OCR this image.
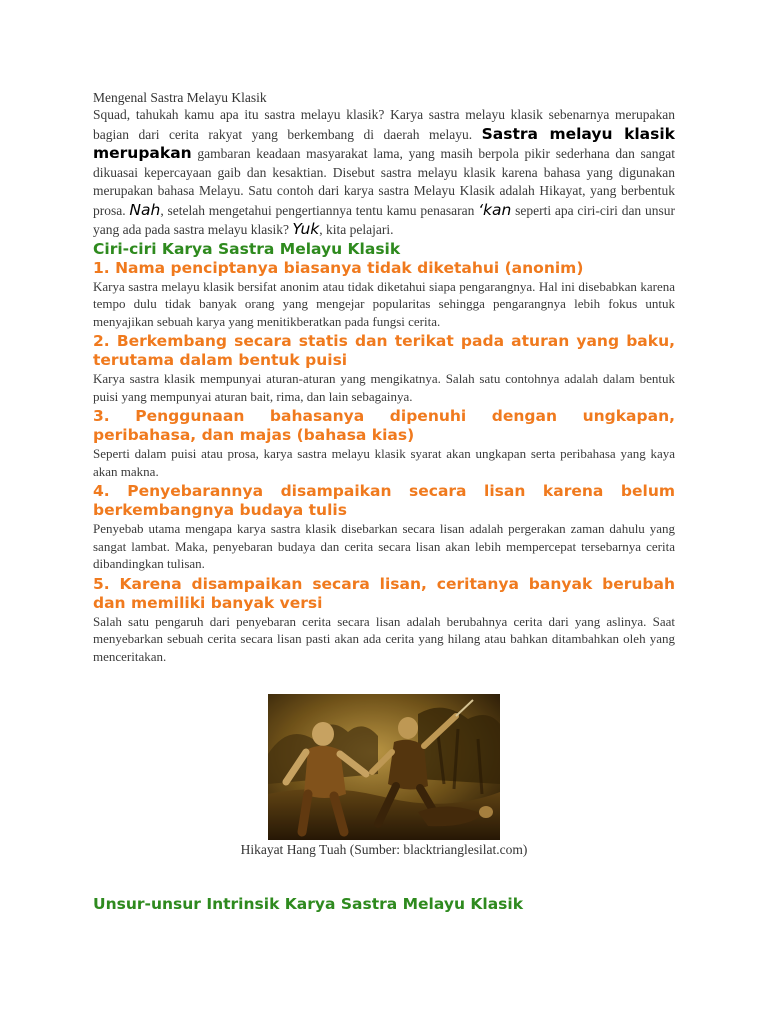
Mengenal Sastra Melayu Klasik

Squad, tahukah kamu apa itu sastra melayu klasik? Karya sastra melayu klasik sebenarnya merupakan bagian dari cerita rakyat yang berkembang di daerah melayu. Sastra melayu klasik merupakan gambaran keadaan masyarakat lama, yang masih berpola pikir sederhana dan sangat dikuasai kepercayaan gaib dan kesaktian. Disebut sastra melayu klasik karena bahasa yang digunakan merupakan bahasa Melayu. Satu contoh dari karya sastra Melayu Klasik adalah Hikayat, yang berbentuk prosa. Nah, setelah mengetahui pengertiannya tentu kamu penasaran ‘kan seperti apa ciri-ciri dan unsur yang ada pada sastra melayu klasik? Yuk, kita pelajari.

Ciri-ciri Karya Sastra Melayu Klasik
1. Nama penciptanya biasanya tidak diketahui (anonim)

Karya sastra melayu klasik bersifat anonim atau tidak diketahui siapa pengarangnya. Hal ini disebabkan karena tempo dulu tidak banyak orang yang mengejar popularitas sehingga pengarangnya lebih fokus untuk menyajikan sebuah karya yang menitikberatkan pada fungsi cerita.

2. Berkembang secara statis dan terikat pada aturan yang baku, terutama dalam bentuk puisi

Karya sastra klasik mempunyai aturan-aturan yang mengikatnya. Salah satu contohnya adalah dalam bentuk puisi yang mempunyai aturan bait, rima, dan lain sebagainya.

3. Penggunaan bahasanya dipenuhi dengan ungkapan, peribahasa, dan majas (bahasa kias)

Seperti dalam puisi atau prosa, karya sastra melayu klasik syarat akan ungkapan serta peribahasa yang kaya akan makna.

4. Penyebarannya disampaikan secara lisan karena belum berkembangnya budaya tulis

Penyebab utama mengapa karya sastra klasik disebarkan secara lisan adalah pergerakan zaman dahulu yang sangat lambat. Maka, penyebaran budaya dan cerita secara lisan akan lebih mempercepat tersebarnya cerita dibandingkan tulisan.

5. Karena disampaikan secara lisan, ceritanya banyak berubah dan memiliki banyak versi

Salah satu pengaruh dari penyebaran cerita secara lisan adalah berubahnya cerita dari yang aslinya. Saat menyebarkan sebuah cerita secara lisan pasti akan ada cerita yang hilang atau bahkan ditambahkan oleh yang menceritakan.

Hikayat Hang Tuah (Sumber: blacktrianglesilat.com)
Unsur-unsur Intrinsik Karya Sastra Melayu Klasik
